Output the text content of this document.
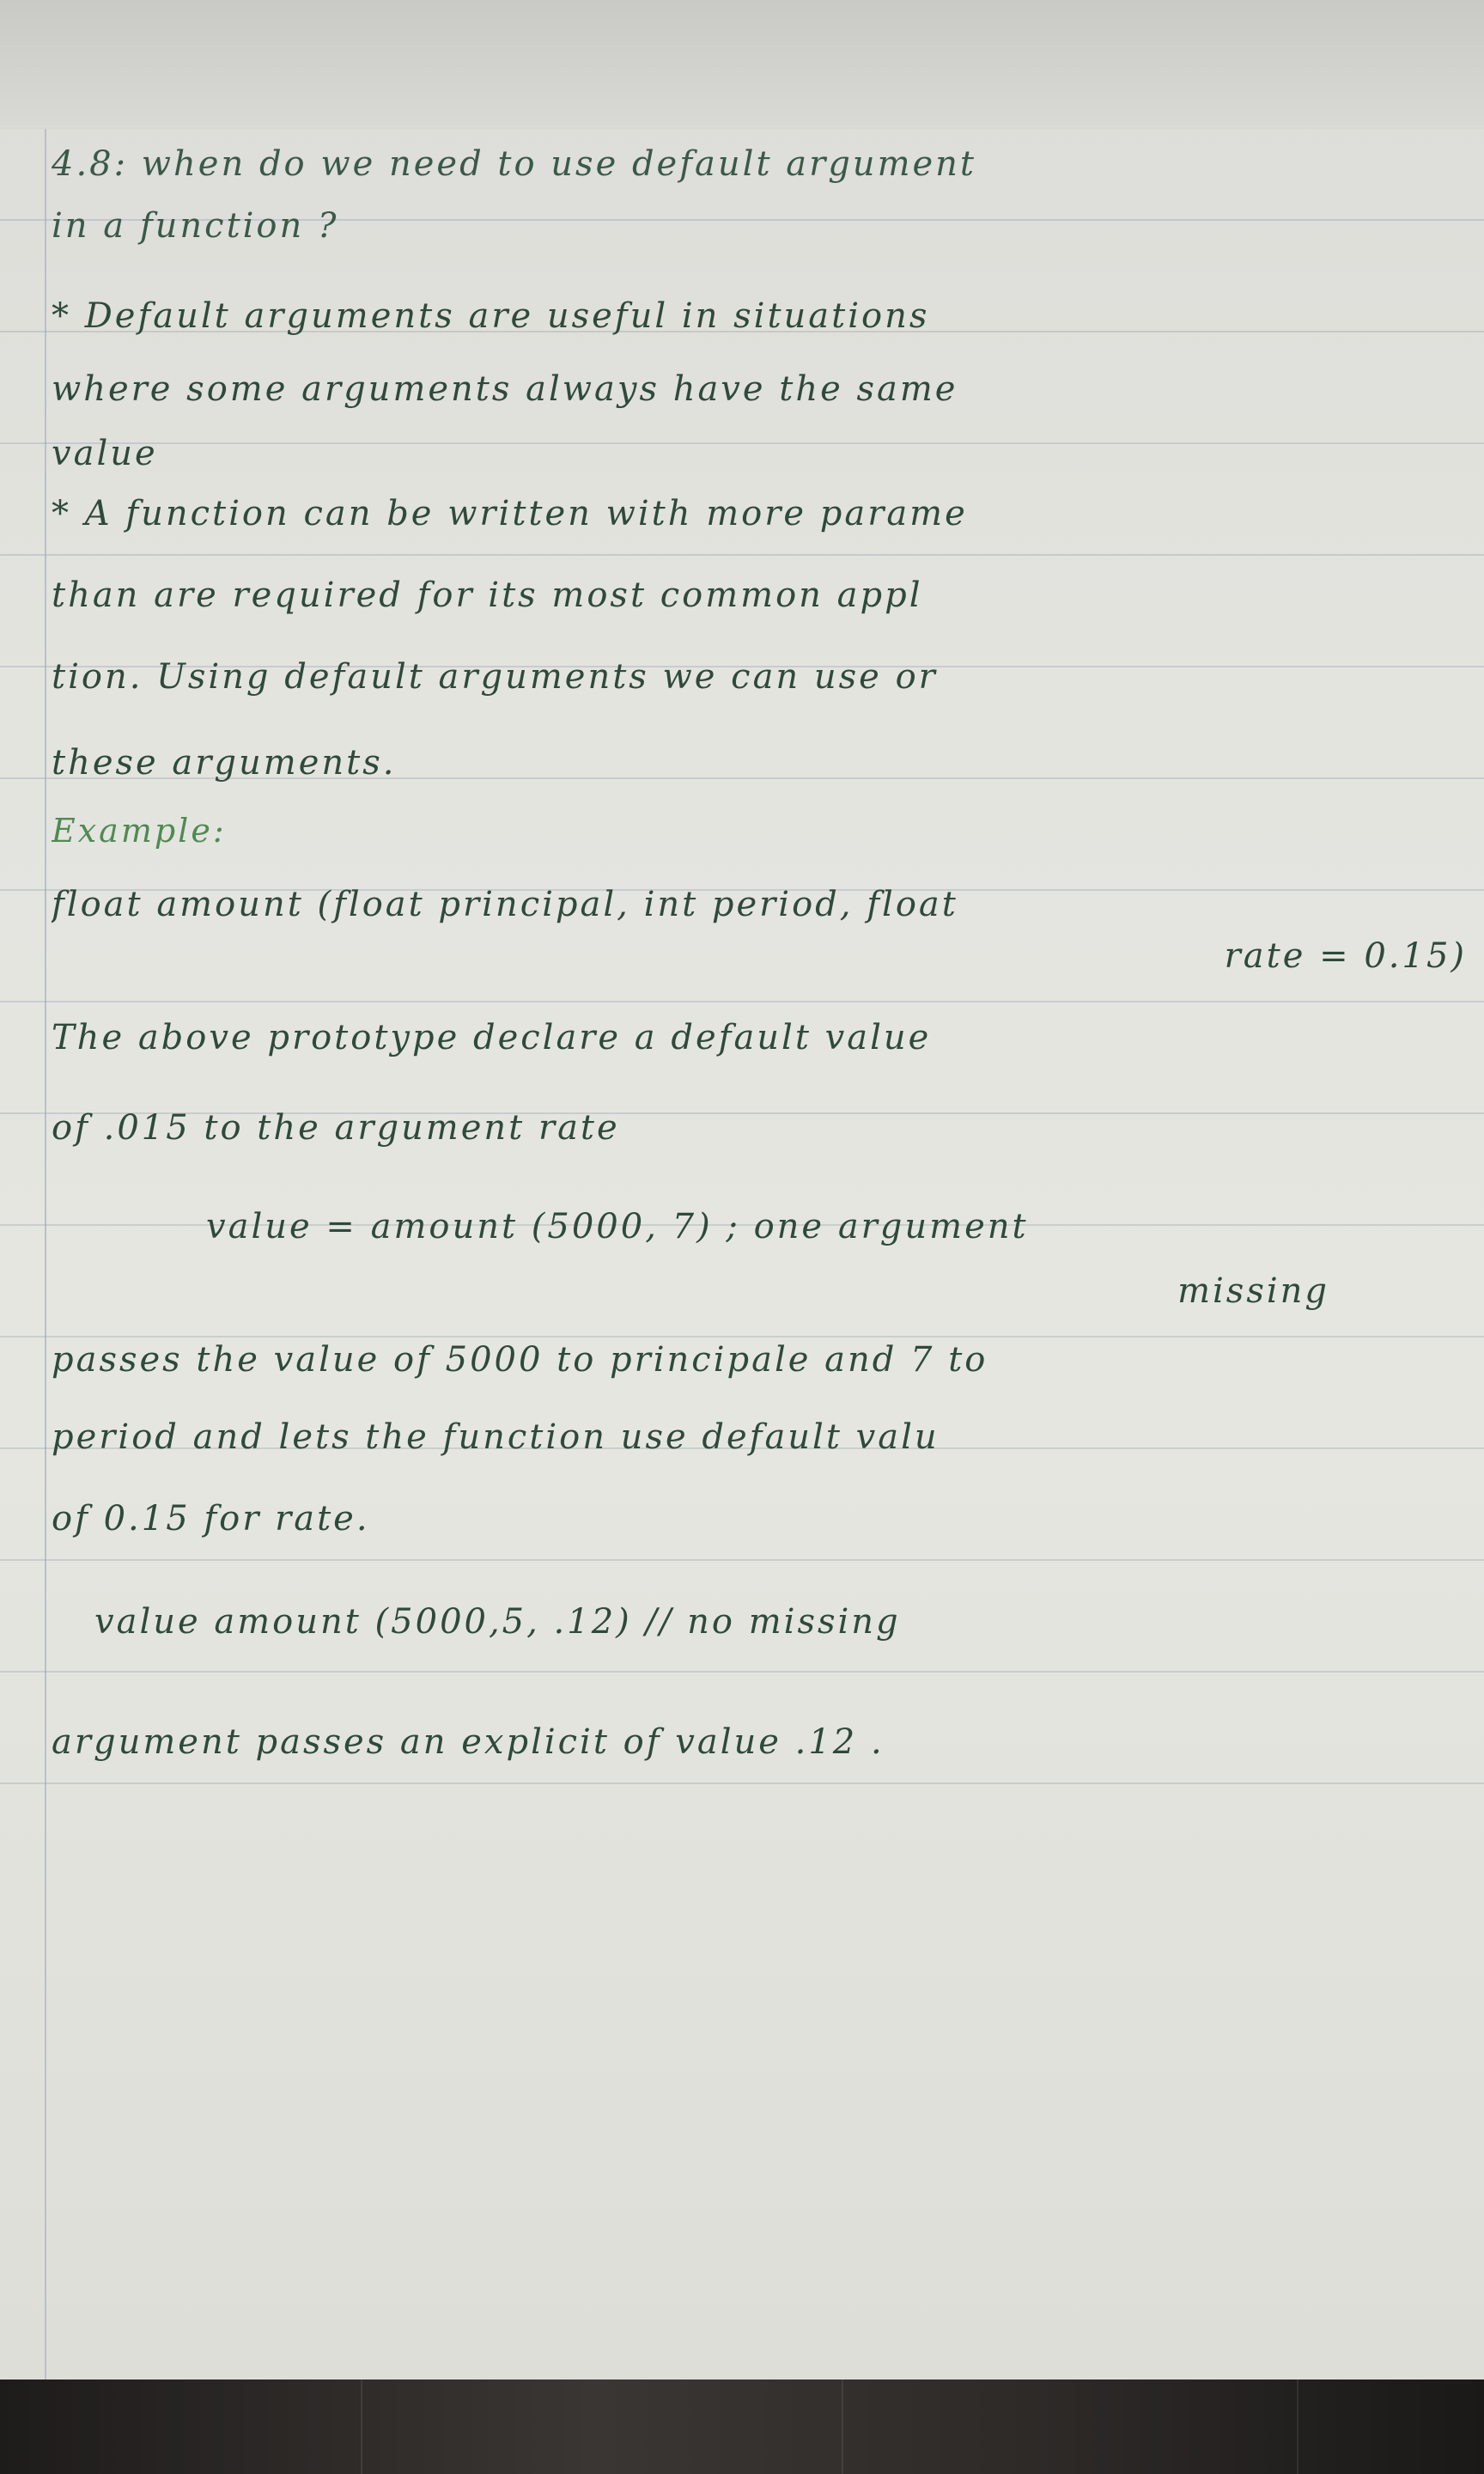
4.8: when do we need to use default argument
in a function ?
* Default arguments are useful in situations
where some arguments always have the same
value
* A function can be written with more parame
than are required for its most common appl
tion. Using default arguments we can use or
these arguments.
Example:
float amount (float principal, int period, float
rate = 0.15)
The above prototype declare a default value
of .015 to the argument rate
value = amount (5000, 7) ; one argument
missing
passes the value of 5000 to principale and 7 to
period and lets the function use default valu
of 0.15 for rate.
value amount (5000,5, .12) // no missing
argument passes an explicit of value .12 .
